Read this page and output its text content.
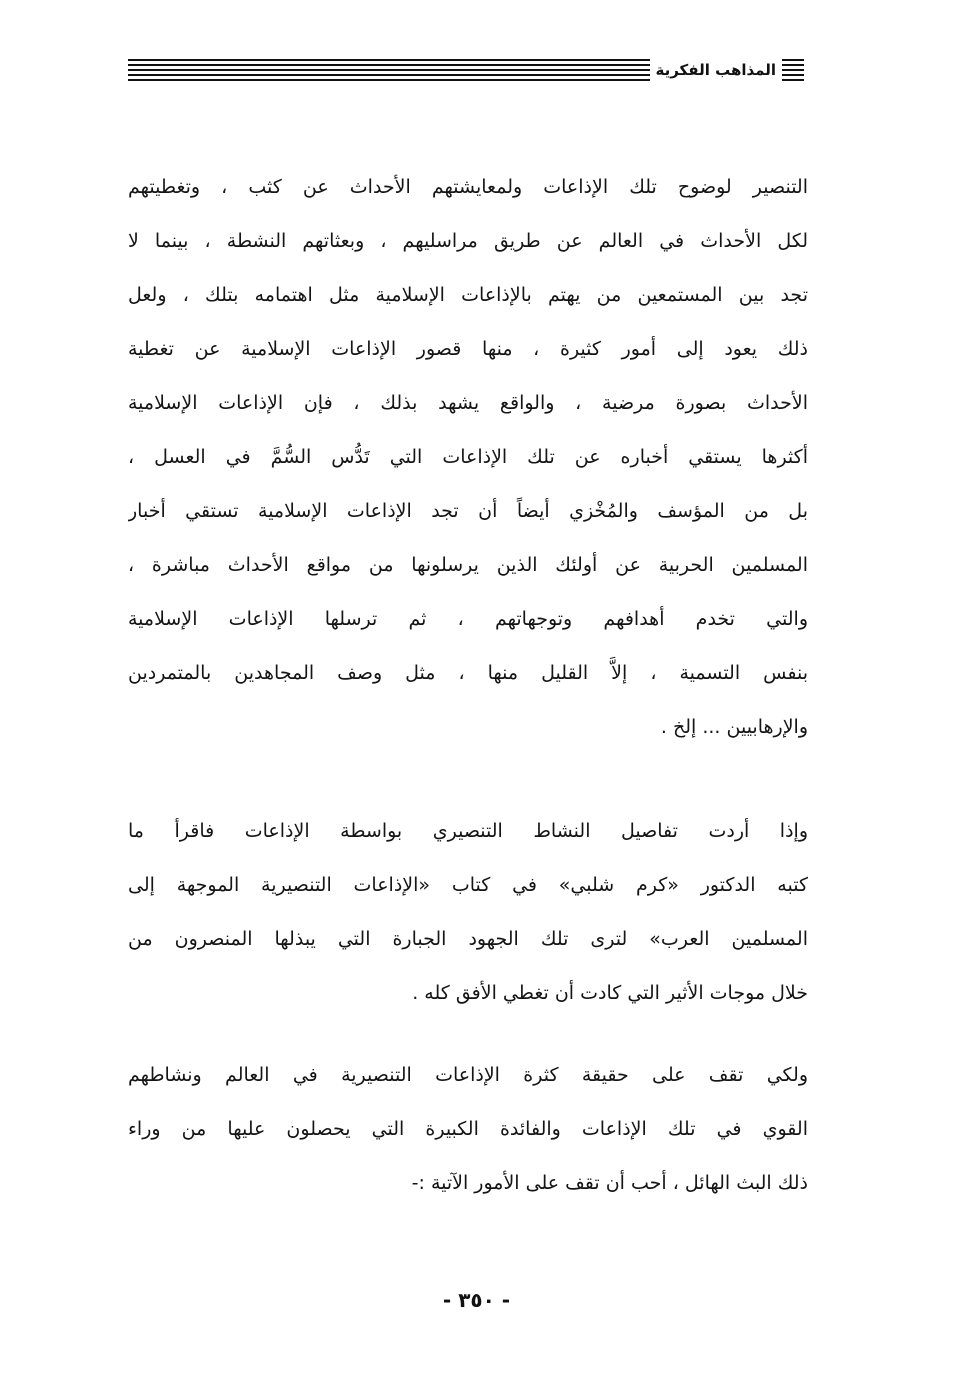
المذاهب الفكرية
التنصير لوضوح تلك الإذاعات ولمعايشتهم الأحداث عن كثب ، وتغطيتهم
لكل الأحداث في العالم عن طريق مراسليهم ، وبعثاتهم النشطة ، بينما لا
تجد بين المستمعين من يهتم بالإذاعات الإسلامية مثل اهتمامه بتلك ، ولعل
ذلك يعود إلى أمور كثيرة ، منها قصور الإذاعات الإسلامية عن تغطية
الأحداث بصورة مرضية ، والواقع يشهد بذلك ، فإن الإذاعات الإسلامية
أكثرها يستقي أخباره عن تلك الإذاعات التي تَدُّس السُّمَّ في العسل ،
بل من المؤسف والمُخْزي أيضاً أن تجد الإذاعات الإسلامية تستقي أخبار
المسلمين الحربية عن أولئك الذين يرسلونها من مواقع الأحداث مباشرة ،
والتي تخدم أهدافهم وتوجهاتهم ، ثم ترسلها الإذاعات الإسلامية
بنفس التسمية ، إلاَّ القليل منها ، مثل وصف المجاهدين بالمتمردين
والإرهابيين ... إلخ .
وإذا أردت تفاصيل النشاط التنصيري بواسطة الإذاعات فاقرأ ما
كتبه الدكتور «كرم شلبي» في كتاب «الإذاعات التنصيرية الموجهة إلى
المسلمين العرب» لترى تلك الجهود الجبارة التي يبذلها المنصرون من
خلال موجات الأثير التي كادت أن تغطي الأفق كله .
ولكي تقف على حقيقة كثرة الإذاعات التنصيرية في العالم ونشاطهم
القوي في تلك الإذاعات والفائدة الكبيرة التي يحصلون عليها من وراء
ذلك البث الهائل ، أحب أن تقف على الأمور الآتية :-
- ٣٥٠ -
